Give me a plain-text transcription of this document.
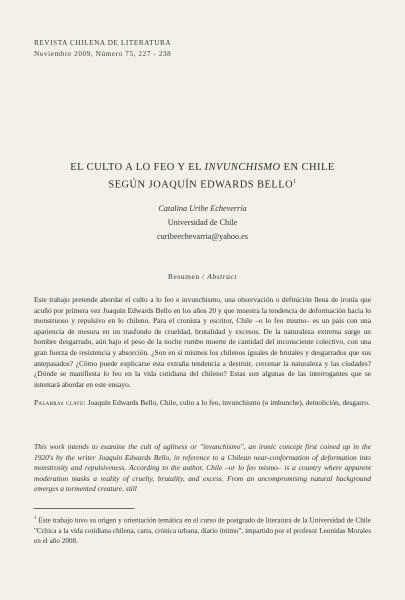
REVISTA CHILENA DE LITERATURA
Noviembre 2009, Número 75, 227 - 238
EL CULTO A LO FEO Y EL INVUNCHISMO EN CHILE
SEGÚN JOAQUÍN EDWARDS BELLO$^1$
Catalina Uribe Echeverría
Universidad de Chile
curibeechevarria@yahoo.es
Resumen / Abstract

Este trabajo pretende abordar el culto a lo feo e invunchismo, una observación o definición llena de ironía que acuñó por primera vez Joaquín Edwards Bello en los años 20 y que muestra la tendencia de deformación hacia lo monstruoso y repulsivo en lo chileno. Para el cronista y escritor, Chile –o lo feo mismo– es un país con una apariencia de mesura en un trasfondo de crueldad, brutalidad y excesos. De la naturaleza extrema surge un hombre desgarrado, aún bajo el peso de la noche rumbo muerte de cantidad del inconsciente colectivo, con una gran fuerza de resistencia y absorción. ¿Son en sí mismos los chilenos iguales de brutales y desgarrados que sus antepasados? ¿Cómo puede explicarse esta extraña tendencia a destruir, cercenar la naturaleza y las ciudades? ¿Dónde se manifiesta lo feo en la vida cotidiana del chileno? Estas son algunas de las interrogantes que se intentará abordar en este ensayo.

Palabras clave: Joaquín Edwards Bello, Chile, culto a lo feo, invunchismo (o imbunche), demolición, desgarro.

This work intends to examine the cult of ugliness or "invunchismo", an ironic concept first coined up in the 1920's by the writer Joaquín Edwards Bello, in reference to a Chilean near-conformation of deformation into monstrosity and repulsiveness. According to the author, Chile –or lo feo mismo– is a country where apparent moderation masks a reality of cruelty, brutality, and excess. From an uncompromising natural background emerges a tormented creature, still

$^1$ Este trabajo tuvo su origen y orientación temática en el curso de postgrado de literatura de la Universidad de Chile "Crítica a la vida cotidiana chilena, carta, crónica urbana, diario íntimo", impartido por el profesor Leonidas Morales en el año 2008.
